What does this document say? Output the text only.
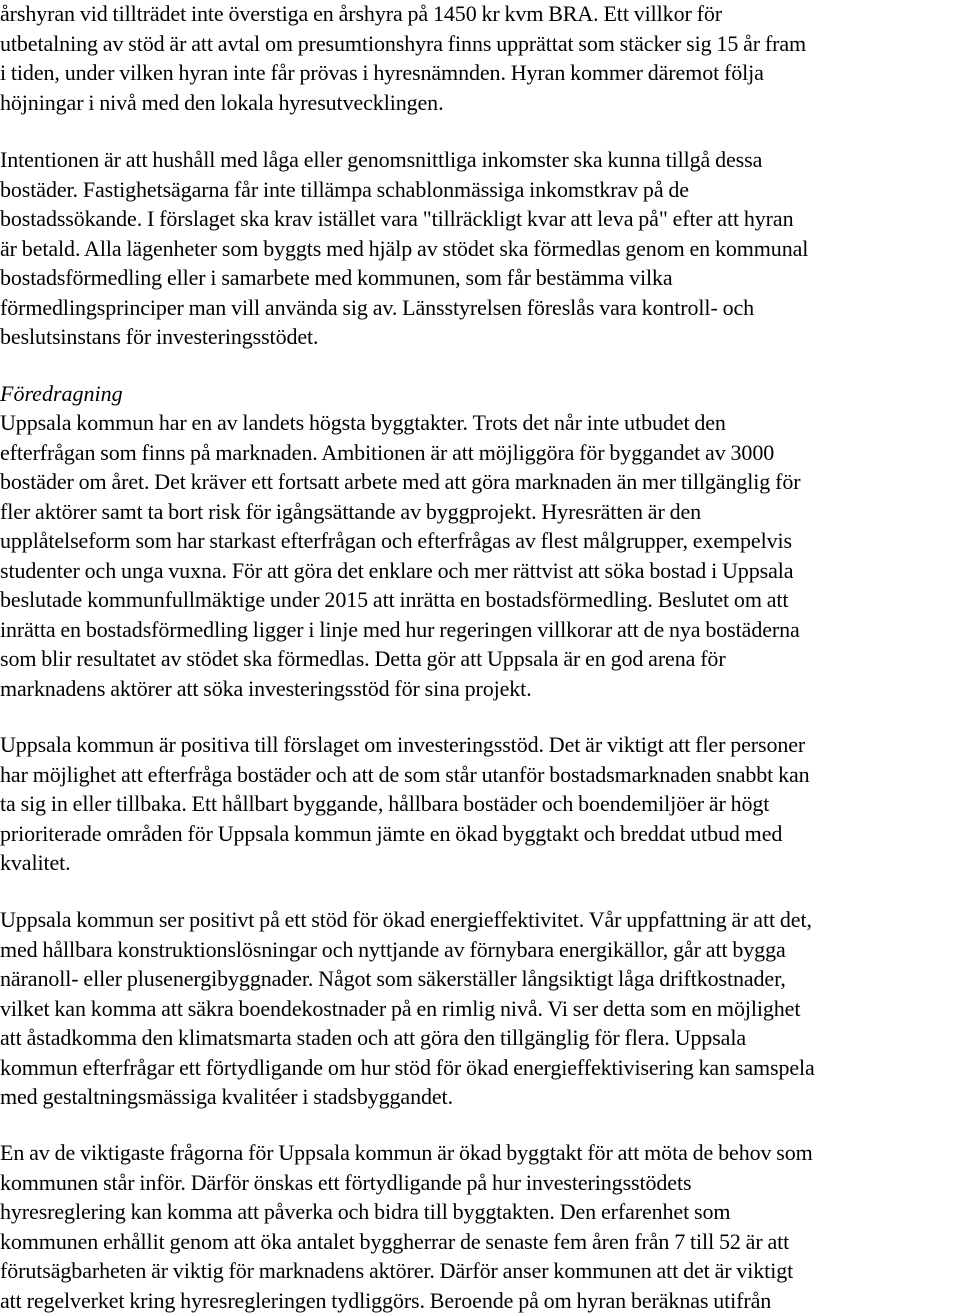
årshyran vid tillträdet inte överstiga en årshyra på 1450 kr kvm BRA. Ett villkor för
utbetalning av stöd är att avtal om presumtionshyra finns upprättat som stäcker sig 15 år fram
i tiden, under vilken hyran inte får prövas i hyresnämnden. Hyran kommer däremot följa
höjningar i nivå med den lokala hyresutvecklingen.
Intentionen är att hushåll med låga eller genomsnittliga inkomster ska kunna tillgå dessa
bostäder. Fastighetsägarna får inte tillämpa schablonmässiga inkomstkrav på de
bostadssökande. I förslaget ska krav istället vara "tillräckligt kvar att leva på" efter att hyran
är betald. Alla lägenheter som byggts med hjälp av stödet ska förmedlas genom en kommunal
bostadsförmedling eller i samarbete med kommunen, som får bestämma vilka
förmedlingsprinciper man vill använda sig av. Länsstyrelsen föreslås vara kontroll- och
beslutsinstans för investeringsstödet.
Föredragning
Uppsala kommun har en av landets högsta byggtakter. Trots det når inte utbudet den
efterfrågan som finns på marknaden. Ambitionen är att möjliggöra för byggandet av 3000
bostäder om året. Det kräver ett fortsatt arbete med att göra marknaden än mer tillgänglig för
fler aktörer samt ta bort risk för igångsättande av byggprojekt. Hyresrätten är den
upplåtelseform som har starkast efterfrågan och efterfrågas av flest målgrupper, exempelvis
studenter och unga vuxna. För att göra det enklare och mer rättvist att söka bostad i Uppsala
beslutade kommunfullmäktige under 2015 att inrätta en bostadsförmedling. Beslutet om att
inrätta en bostadsförmedling ligger i linje med hur regeringen villkorar att de nya bostäderna
som blir resultatet av stödet ska förmedlas. Detta gör att Uppsala är en god arena för
marknadens aktörer att söka investeringsstöd för sina projekt.
Uppsala kommun är positiva till förslaget om investeringsstöd. Det är viktigt att fler personer
har möjlighet att efterfråga bostäder och att de som står utanför bostadsmarknaden snabbt kan
ta sig in eller tillbaka. Ett hållbart byggande, hållbara bostäder och boendemiljöer är högt
prioriterade områden för Uppsala kommun jämte en ökad byggtakt och breddat utbud med
kvalitet.
Uppsala kommun ser positivt på ett stöd för ökad energieffektivitet. Vår uppfattning är att det,
med hållbara konstruktionslösningar och nyttjande av förnybara energikällor, går att bygga
näranoll- eller plusenergibyggnader. Något som säkerställer långsiktigt låga driftkostnader,
vilket kan komma att säkra boendekostnader på en rimlig nivå. Vi ser detta som en möjlighet
att åstadkomma den klimatsmarta staden och att göra den tillgänglig för flera. Uppsala
kommun efterfrågar ett förtydligande om hur stöd för ökad energieffektivisering kan samspela
med gestaltningsmässiga kvalitéer i stadsbyggandet.
En av de viktigaste frågorna för Uppsala kommun är ökad byggtakt för att möta de behov som
kommunen står inför. Därför önskas ett förtydligande på hur investeringsstödets
hyresreglering kan komma att påverka och bidra till byggtakten. Den erfarenhet som
kommunen erhållit genom att öka antalet byggherrar de senaste fem åren från 7 till 52 är att
förutsägbarheten är viktig för marknadens aktörer. Därför anser kommunen att det är viktigt
att regelverket kring hyresregleringen tydliggörs. Beroende på om hyran beräknas utifrån
